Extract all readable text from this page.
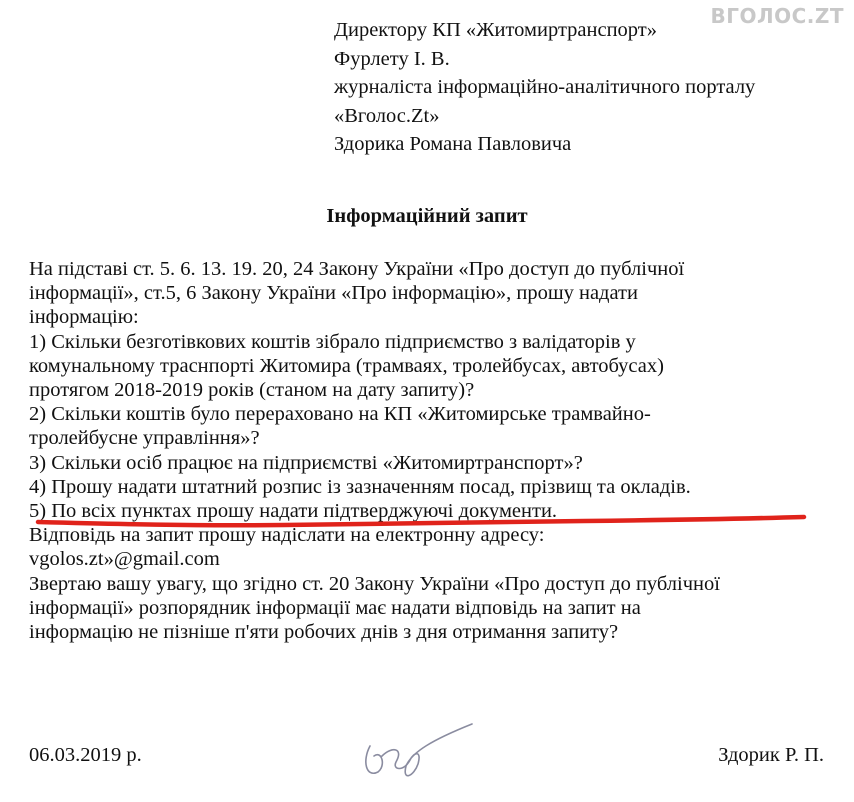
ВГОЛОС.ZT
Директору КП «Житомиртранспорт»
Фурлету І. В.
журналіста інформаційно-аналітичного порталу
«Вголос.Zt»
Здорика Романа Павловича
Інформаційний запит
На підставі ст. 5. 6. 13. 19. 20, 24 Закону України «Про доступ до публічної
інформації», ст.5, 6 Закону України «Про інформацію», прошу надати
інформацію:
1) Скільки безготівкових коштів зібрало підприємство з валідаторів у
комунальному траснпорті Житомира (трамваях, тролейбусах, автобусах)
протягом 2018-2019 років (станом на дату запиту)?
2) Скільки коштів було перераховано на КП «Житомирське трамвайно-
тролейбусне управління»?
3) Скільки осіб працює на підприємстві «Житомиртранспорт»?
4) Прошу надати штатний розпис із зазначенням посад, прізвищ та окладів.
5) По всіх пунктах прошу надати підтверджуючі документи.
Відповідь на запит прошу надіслати на електронну адресу:
vgolos.zt»@gmail.com
Звертаю вашу увагу, що згідно ст. 20 Закону України «Про доступ до публічної
інформації» розпорядник інформації має надати відповідь на запит на
інформацію не пізніше п'яти робочих днів з дня отримання запиту?
06.03.2019 р.	Здорик Р. П.
